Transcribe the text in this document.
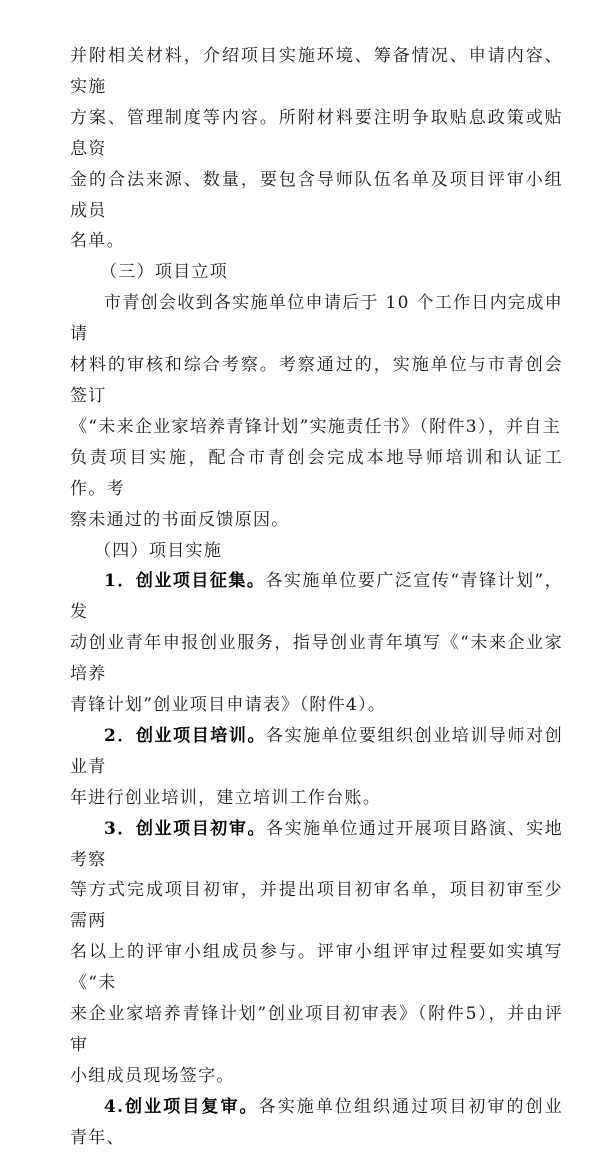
并附相关材料，介绍项目实施环境、筹备情况、申请内容、实施
方案、管理制度等内容。所附材料要注明争取贴息政策或贴息资
金的合法来源、数量，要包含导师队伍名单及项目评审小组成员
名单。
（三）项目立项
市青创会收到各实施单位申请后于 10 个工作日内完成申请
材料的审核和综合考察。考察通过的，实施单位与市青创会签订
《“未来企业家培养青锋计划”实施责任书》（附件3），并自主
负责项目实施，配合市青创会完成本地导师培训和认证工作。考
察未通过的书面反馈原因。
（四）项目实施
1．创业项目征集。各实施单位要广泛宣传“青锋计划”，发
动创业青年申报创业服务，指导创业青年填写《“未来企业家培养
青锋计划”创业项目申请表》（附件4）。
2．创业项目培训。各实施单位要组织创业培训导师对创业青
年进行创业培训，建立培训工作台账。
3．创业项目初审。各实施单位通过开展项目路演、实地考察
等方式完成项目初审，并提出项目初审名单，项目初审至少需两
名以上的评审小组成员参与。评审小组评审过程要如实填写《“未
来企业家培养青锋计划”创业项目初审表》（附件5），并由评审
小组成员现场签字。
4.创业项目复审。各实施单位组织通过项目初审的创业青年、
